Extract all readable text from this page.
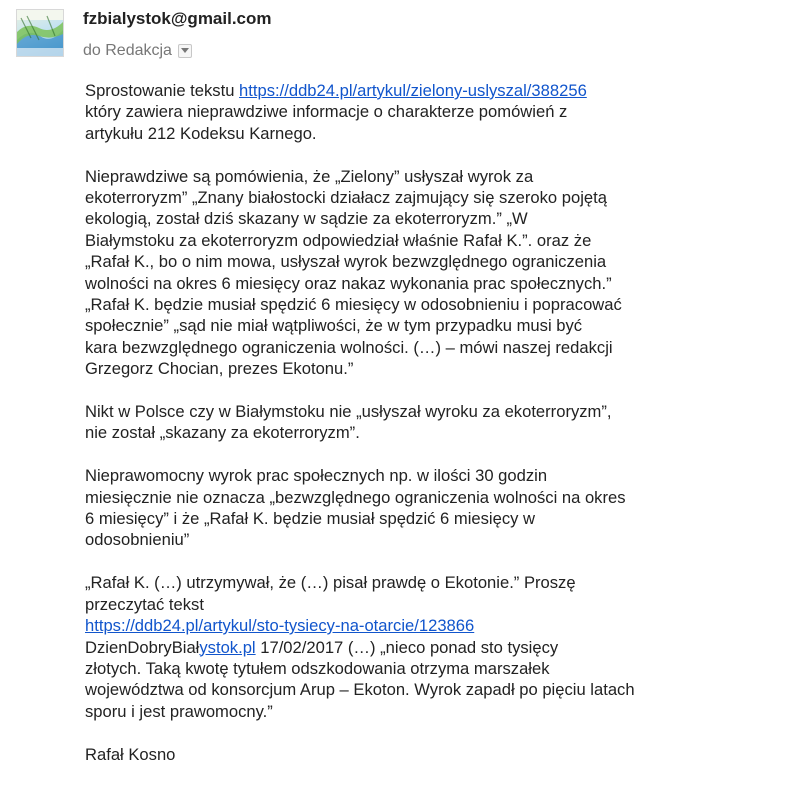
fzbialystok@gmail.com
do Redakcja

Sprostowanie tekstu https://ddb24.pl/artykul/zielony-uslyszal/388256
który zawiera nieprawdziwe informacje o charakterze pomówień z
artykułu 212 Kodeksu Karnego.

Nieprawdziwe są pomówienia, że „Zielony” usłyszał wyrok za
ekoterroryzm” „Znany białostocki działacz zajmujący się szeroko pojętą
ekologią, został dziś skazany w sądzie za ekoterroryzm.” „W
Białymstoku za ekoterroryzm odpowiedział właśnie Rafał K.”. oraz że
„Rafał K., bo o nim mowa, usłyszał wyrok bezwzględnego ograniczenia
wolności na okres 6 miesięcy oraz nakaz wykonania prac społecznych.”
„Rafał K. będzie musiał spędzić 6 miesięcy w odosobnieniu i popracować
społecznie” „sąd nie miał wątpliwości, że w tym przypadku musi być
kara bezwzględnego ograniczenia wolności. (…) – mówi naszej redakcji
Grzegorz Chocian, prezes Ekotonu.”

Nikt w Polsce czy w Białymstoku nie „usłyszał wyroku za ekoterroryzm”,
nie został „skazany za ekoterroryzm”.

Nieprawomocny wyrok prac społecznych np. w ilości 30 godzin
miesięcznie nie oznacza „bezwzględnego ograniczenia wolności na okres
6 miesięcy” i że „Rafał K. będzie musiał spędzić 6 miesięcy w
odosobnieniu”

„Rafał K. (…) utrzymywał, że (…) pisał prawdę o Ekotonie.” Proszę
przeczytać tekst
https://ddb24.pl/artykul/sto-tysiecy-na-otarcie/123866
DzienDobryBiałystok.pl 17/02/2017 (…) „nieco ponad sto tysięcy
złotych. Taką kwotę tytułem odszkodowania otrzyma marszałek
województwa od konsorcjum Arup – Ekoton. Wyrok zapadł po pięciu latach
sporu i jest prawomocny.”

Rafał Kosno
